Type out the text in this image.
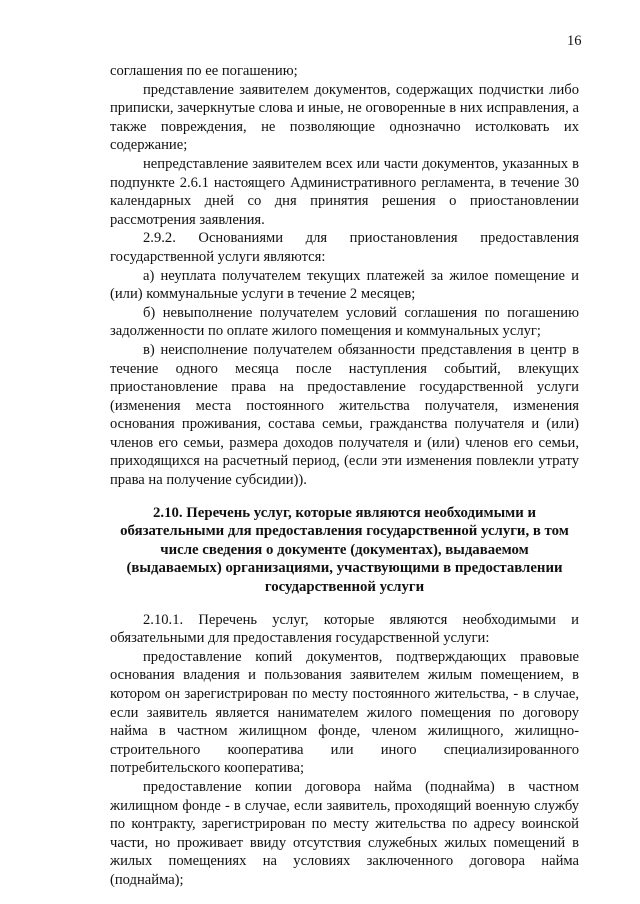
16

соглашения по ее погашению;

представление заявителем документов, содержащих подчистки либо приписки, зачеркнутые слова и иные, не оговоренные в них исправления, а также повреждения, не позволяющие однозначно истолковать их содержание;

непредставление заявителем всех или части документов, указанных в подпункте 2.6.1 настоящего Административного регламента, в течение 30 календарных дней со дня принятия решения о приостановлении рассмотрения заявления.

2.9.2. Основаниями для приостановления предоставления государственной услуги являются:

а) неуплата получателем текущих платежей за жилое помещение и (или) коммунальные услуги в течение 2 месяцев;

б) невыполнение получателем условий соглашения по погашению задолженности по оплате жилого помещения и коммунальных услуг;

в) неисполнение получателем обязанности представления в центр в течение одного месяца после наступления событий, влекущих приостановление права на предоставление государственной услуги (изменения места постоянного жительства получателя, изменения основания проживания, состава семьи, гражданства получателя и (или) членов его семьи, размера доходов получателя и (или) членов его семьи, приходящихся на расчетный период, (если эти изменения повлекли утрату права на получение субсидии)).

2.10. Перечень услуг, которые являются необходимыми и обязательными для предоставления государственной услуги, в том числе сведения о документе (документах), выдаваемом (выдаваемых) организациями, участвующими в предоставлении государственной услуги

2.10.1. Перечень услуг, которые являются необходимыми и обязательными для предоставления государственной услуги:

предоставление копий документов, подтверждающих правовые основания владения и пользования заявителем жилым помещением, в котором он зарегистрирован по месту постоянного жительства, - в случае, если заявитель является нанимателем жилого помещения по договору найма в частном жилищном фонде, членом жилищного, жилищно-строительного кооператива или иного специализированного потребительского кооператива;

предоставление копии договора найма (поднайма) в частном жилищном фонде - в случае, если заявитель, проходящий военную службу по контракту, зарегистрирован по месту жительства по адресу воинской части, но проживает ввиду отсутствия служебных жилых помещений в жилых помещениях на условиях заключенного договора найма (поднайма);
